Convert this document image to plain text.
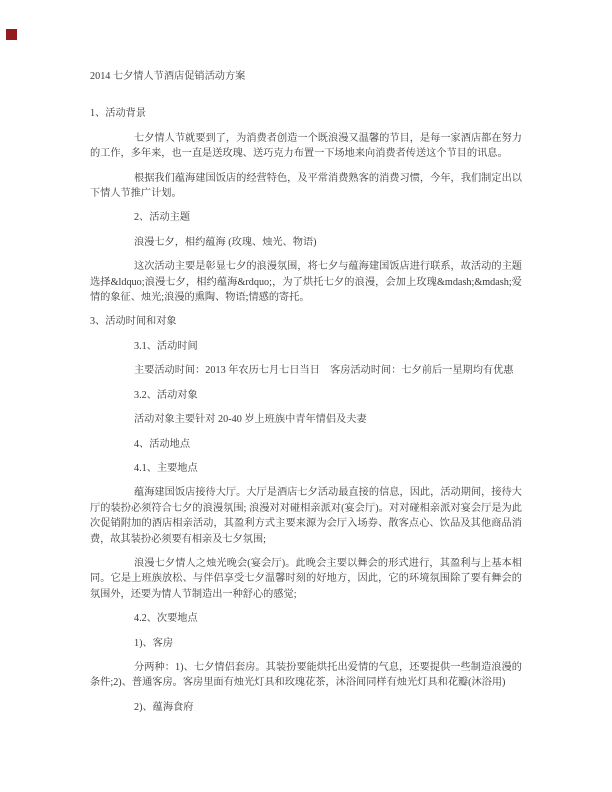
2014 七夕情人节酒店促销活动方案
1、活动背景
七夕情人节就要到了，为消费者创造一个既浪漫又温馨的节目，是每一家酒店都在努力的工作，多年来，也一直是送玫瑰、送巧克力布置一下场地来向消费者传送这个节目的讯息。
根据我们蕴海建国饭店的经营特色，及平常消费熟客的消费习惯，今年，我们制定出以下情人节推广计划。
2、活动主题
浪漫七夕，相约蕴海 (玫瑰、烛光、物语)
这次活动主要是彰显七夕的浪漫氛围，将七夕与蕴海建国饭店进行联系，故活动的主题选择&ldquo;浪漫七夕，相约蕴海&rdquo;，为了烘托七夕的浪漫，会加上玫瑰&mdash;&mdash;爱情的象征、烛光;浪漫的熏陶、物语;情感的寄托。
3、活动时间和对象
3.1、活动时间
主要活动时间：2013 年农历七月七日当日　客房活动时间：七夕前后一星期均有优惠
3.2、活动对象
活动对象主要针对 20-40 岁上班族中青年情侣及夫妻
4、活动地点
4.1、主要地点
蕴海建国饭店接待大厅。大厅是酒店七夕活动最直接的信息，因此，活动期间，接待大厅的装扮必须符合七夕的浪漫氛围; 浪漫对对碰相亲派对(宴会厅)。对对碰相亲派对宴会厅是为此次促销附加的酒店相亲活动，其盈利方式主要来源为会厅入场券、散客点心、饮品及其他商品消费，故其装扮必须要有相亲及七夕氛围;
浪漫七夕情人之烛光晚会(宴会厅)。此晚会主要以舞会的形式进行，其盈利与上基本相同。它是上班族放松、与伴侣享受七夕温馨时刻的好地方，因此，它的环境氛围除了要有舞会的氛围外，还要为情人节制造出一种舒心的感觉;
4.2、次要地点
1)、客房
分两种：1)、七夕情侣套房。其装扮要能烘托出爱情的气息，还要提供一些制造浪漫的条件;2)、普通客房。客房里面有烛光灯具和玫瑰花茶，沐浴间同样有烛光灯具和花瓣(沐浴用)
2)、蕴海食府
